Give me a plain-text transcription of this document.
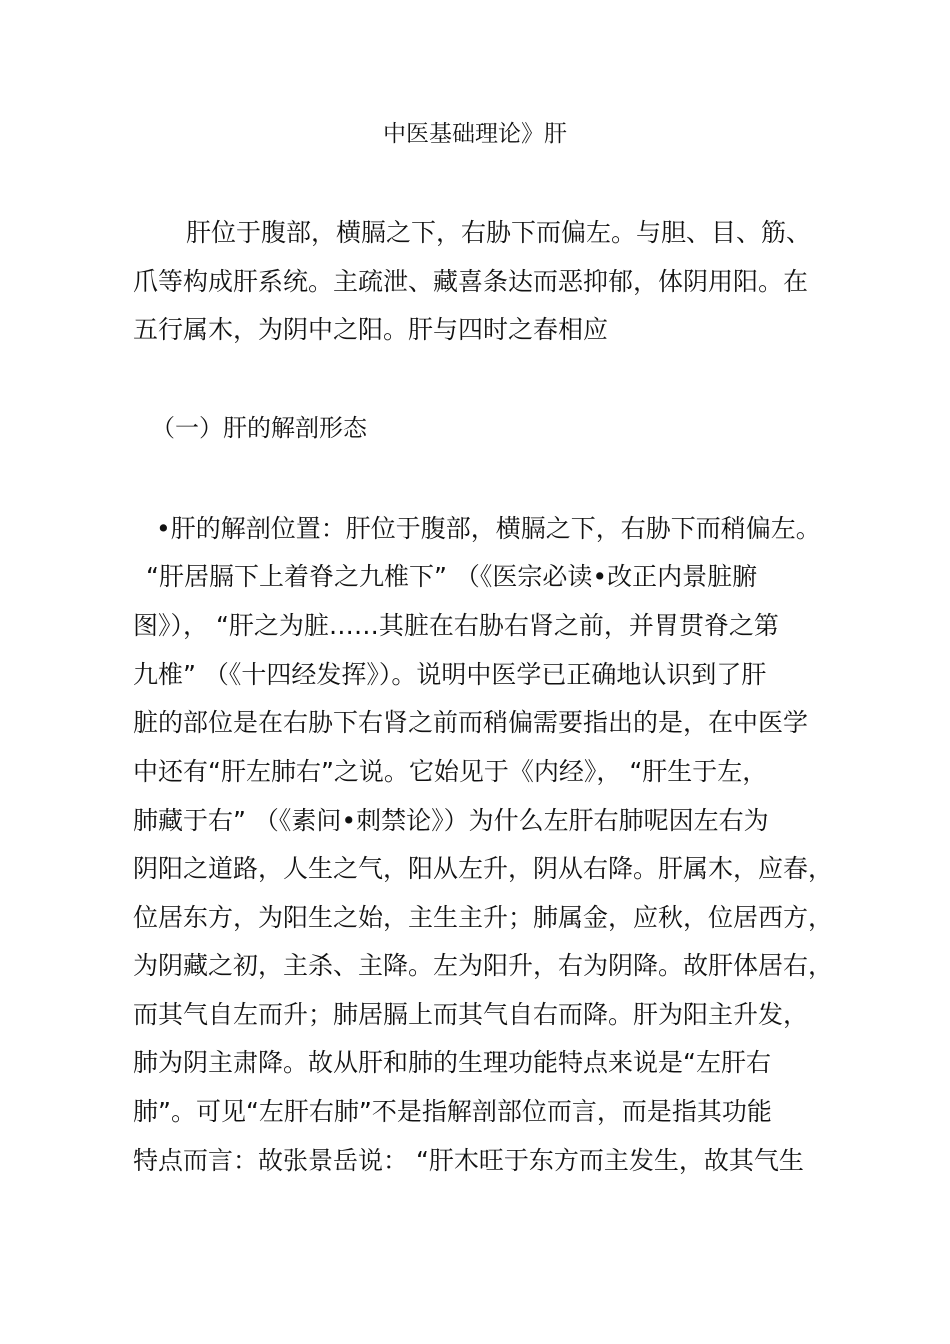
中医基础理论》肝

肝位于腹部，横膈之下，右胁下而偏左。与胆、目、筋、

爪等构成肝系统。主疏泄、藏喜条达而恶抑郁，体阴用阳。在

五行属木，为阴中之阳。肝与四时之春相应

（一）肝的解剖形态

•肝的解剖位置：肝位于腹部，横膈之下，右胁下而稍偏左。

“肝居膈下上着脊之九椎下” （《医宗必读•改正内景脏腑

图》）， “肝之为脏……其脏在右胁右肾之前，并胃贯脊之第

九椎” （《十四经发挥》）。说明中医学已正确地认识到了肝

脏的部位是在右胁下右肾之前而稍偏需要指出的是，在中医学

中还有“肝左肺右”之说。它始见于《内经》， “肝生于左，

肺藏于右” （《素问•刺禁论》）为什么左肝右肺呢因左右为

阴阳之道路，人生之气，阳从左升，阴从右降。肝属木，应春，

位居东方，为阳生之始，主生主升；肺属金，应秋，位居西方，

为阴藏之初，主杀、主降。左为阳升，右为阴降。故肝体居右，

而其气自左而升；肺居膈上而其气自右而降。肝为阳主升发，

肺为阴主肃降。故从肝和肺的生理功能特点来说是“左肝右

肺”。可见“左肝右肺”不是指解剖部位而言，而是指其功能

特点而言：故张景岳说： “肝木旺于东方而主发生，故其气生
